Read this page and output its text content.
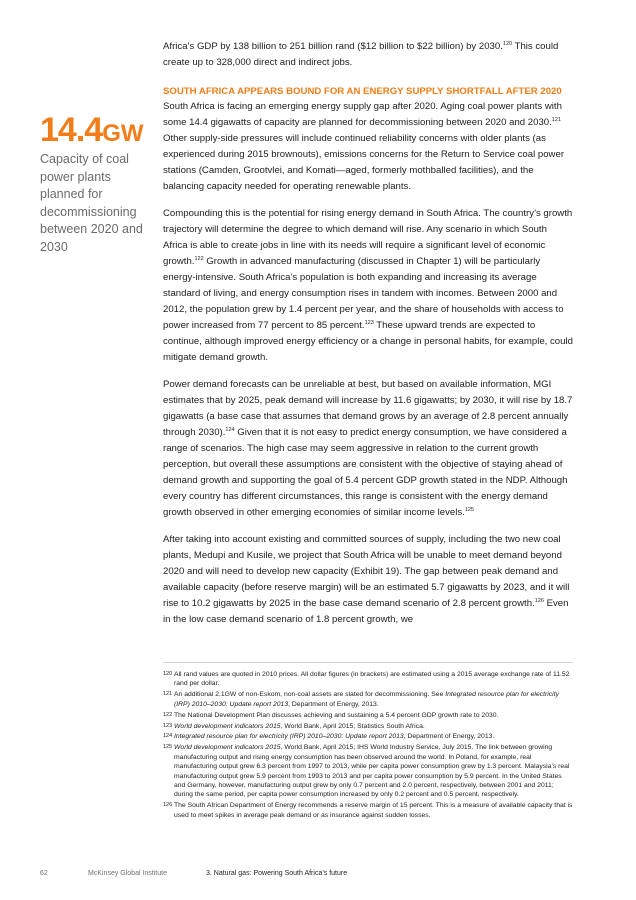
14.4GW
Capacity of coal power plants planned for decommissioning between 2020 and 2030

Africa’s GDP by 138 billion to 251 billion rand ($12 billion to $22 billion) by 2030.$^{120}$ This could create up to 328,000 direct and indirect jobs.

SOUTH AFRICA APPEARS BOUND FOR AN ENERGY SUPPLY SHORTFALL AFTER 2020

South Africa is facing an emerging energy supply gap after 2020. Aging coal power plants with some 14.4 gigawatts of capacity are planned for decommissioning between 2020 and 2030.$^{121}$ Other supply-side pressures will include continued reliability concerns with older plants (as experienced during 2015 brownouts), emissions concerns for the Return to Service coal power stations (Camden, Grootvlei, and Komati—aged, formerly mothballed facilities), and the balancing capacity needed for operating renewable plants.

Compounding this is the potential for rising energy demand in South Africa. The country’s growth trajectory will determine the degree to which demand will rise. Any scenario in which South Africa is able to create jobs in line with its needs will require a significant level of economic growth.$^{122}$ Growth in advanced manufacturing (discussed in Chapter 1) will be particularly energy-intensive. South Africa’s population is both expanding and increasing its average standard of living, and energy consumption rises in tandem with incomes. Between 2000 and 2012, the population grew by 1.4 percent per year, and the share of households with access to power increased from 77 percent to 85 percent.$^{123}$ These upward trends are expected to continue, although improved energy efficiency or a change in personal habits, for example, could mitigate demand growth.

Power demand forecasts can be unreliable at best, but based on available information, MGI estimates that by 2025, peak demand will increase by 11.6 gigawatts; by 2030, it will rise by 18.7 gigawatts (a base case that assumes that demand grows by an average of 2.8 percent annually through 2030).$^{124}$ Given that it is not easy to predict energy consumption, we have considered a range of scenarios. The high case may seem aggressive in relation to the current growth perception, but overall these assumptions are consistent with the objective of staying ahead of demand growth and supporting the goal of 5.4 percent GDP growth stated in the NDP. Although every country has different circumstances, this range is consistent with the energy demand growth observed in other emerging economies of similar income levels.$^{125}$

After taking into account existing and committed sources of supply, including the two new coal plants, Medupi and Kusile, we project that South Africa will be unable to meet demand beyond 2020 and will need to develop new capacity (Exhibit 19). The gap between peak demand and available capacity (before reserve margin) will be an estimated 5.7 gigawatts by 2023, and it will rise to 10.2 gigawatts by 2025 in the base case demand scenario of 2.8 percent growth.$^{126}$ Even in the low case demand scenario of 1.8 percent growth, we

120 All rand values are quoted in 2010 prices. All dollar figures (in brackets) are estimated using a 2015 average exchange rate of 11.52 rand per dollar.
121 An additional 2.1GW of non-Eskom, non-coal assets are slated for decommissioning. See Integrated resource plan for electricity (IRP) 2010–2030: Update report 2013, Department of Energy, 2013.
122 The National Development Plan discusses achieving and sustaining a 5.4 percent GDP growth rate to 2030.
123 World development indicators 2015, World Bank, April 2015; Statistics South Africa.
124 Integrated resource plan for electricity (IRP) 2010–2030: Update report 2013, Department of Energy, 2013.
125 World development indicators 2015, World Bank, April 2015; IHS World Industry Service, July 2015. The link between growing manufacturing output and rising energy consumption has been observed around the world. In Poland, for example, real manufacturing output grew 6.3 percent from 1997 to 2013, while per capita power consumption grew by 1.3 percent. Malaysia’s real manufacturing output grew 5.9 percent from 1993 to 2013 and per capita power consumption by 5.9 percent. In the United States and Germany, however, manufacturing output grew by only 0.7 percent and 2.0 percent, respectively, between 2001 and 2011; during the same period, per capita power consumption increased by only 0.2 percent and 0.5 percent, respectively.
126 The South African Department of Energy recommends a reserve margin of 15 percent. This is a measure of available capacity that is used to meet spikes in average peak demand or as insurance against sudden losses.
62	McKinsey Global Institute	3. Natural gas: Powering South Africa’s future
